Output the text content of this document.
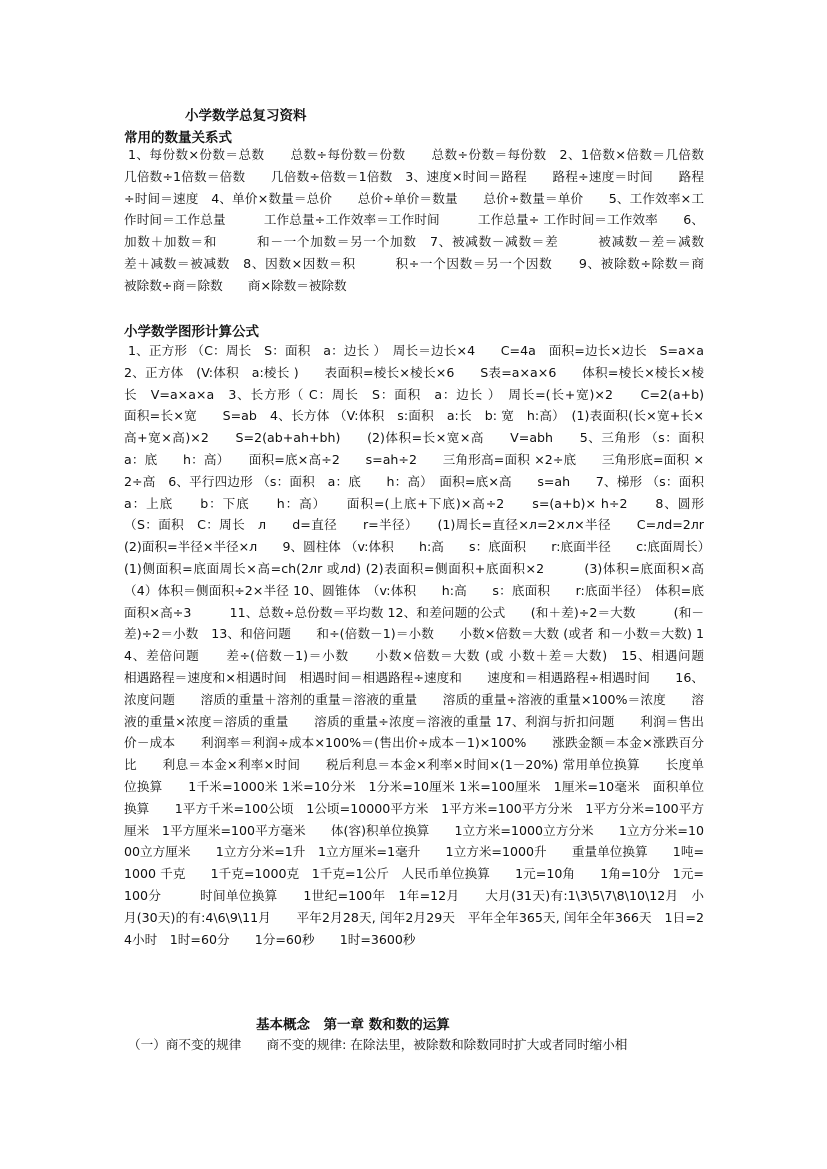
小学数学总复习资料
常用的数量关系式
1、每份数×份数＝总数　　总数÷每份数＝份数　　总数÷份数＝每份数　2、1倍数×倍数＝几倍数　　几倍数÷1倍数＝倍数　　几倍数÷倍数＝1倍数　3、速度×时间＝路程　　路程÷速度＝时间　　路程÷时间＝速度　4、单价×数量＝总价　　总价÷单价＝数量　　总价÷数量＝单价　　5、工作效率×工作时间＝工作总量　　　工作总量÷工作效率＝工作时间　　　工作总量÷ 工作时间＝工作效率　　6、加数＋加数＝和　　　和－一个加数＝另一个加数　7、被减数－减数＝差　　　被减数－差＝减数　　差＋减数＝被减数　8、因数×因数＝积　　　积÷一个因数＝另一个因数　　9、被除数÷除数＝商　　被除数÷商＝除数　　商×除数＝被除数
小学数学图形计算公式
1、正方形 （C：周长　S：面积　a：边长 ）　周长＝边长×4　　C=4a　面积=边长×边长　S=a×a　2、正方体　(V:体积　a:棱长 )　　表面积=棱长×棱长×6　　S表=a×a×6　　体积=棱长×棱长×棱长　V=a×a×a　3、长方形（ C：周长　S：面积　a：边长 ）　周长=(长+宽)×2　　C=2(a+b)　　面积=长×宽　　S=ab　4、长方体 （V:体积　s:面积　a:长　b: 宽　h:高）　(1)表面积(长×宽+长×高+宽×高)×2　　S=2(ab+ah+bh)　　(2)体积=长×宽×高　　V=abh　　5、三角形 （s：面积　　a：底　　h：高）　　面积=底×高÷2　　s=ah÷2　　三角形高=面积 ×2÷底　　三角形底=面积 ×2÷高　6、平行四边形 （s：面积　a：底　　h：高）　面积=底×高　　s=ah　　7、梯形 （s：面积　　a：上底　　b：下底　　h：高）　　面积=(上底+下底)×高÷2　　s=(a+b)× h÷2　　8、圆形 （S：面积　C：周长　л　　d=直径　　r=半径）　　(1)周长=直径×л=2×л×半径　　C=лd=2лr　　(2)面积=半径×半径×л　　9、圆柱体 （v:体积　　h:高　　s：底面积　　r:底面半径　　c:底面周长）　　(1)侧面积=底面周长×高=ch(2лr 或лd) (2)表面积=侧面积+底面积×2　　　(3)体积=底面积×高　　（4）体积＝侧面积÷2×半径 10、圆锥体　（v:体积　　h:高　　s：底面积　　r:底面半径）　体积=底面积×高÷3　　　11、总数÷总份数＝平均数 12、和差问题的公式　　(和＋差)÷2＝大数　　　(和－差)÷2＝小数　13、和倍问题　　和÷(倍数－1)＝小数　　小数×倍数＝大数 (或者 和－小数＝大数) 14、差倍问题　　差÷(倍数－1)＝小数　　小数×倍数＝大数 (或 小数＋差＝大数)　15、相遇问题　　相遇路程＝速度和×相遇时间　相遇时间＝相遇路程÷速度和　　速度和＝相遇路程÷相遇时间　　16、浓度问题　　溶质的重量＋溶剂的重量＝溶液的重量　　溶质的重量÷溶液的重量×100%＝浓度　　溶液的重量×浓度＝溶质的重量　　溶质的重量÷浓度＝溶液的重量 17、利润与折扣问题　　利润＝售出价－成本　　利润率＝利润÷成本×100%＝(售出价÷成本－1)×100%　　涨跌金额＝本金×涨跌百分比　　利息＝本金×利率×时间　　税后利息＝本金×利率×时间×(1－20%) 常用单位换算　　长度单位换算　　1千米=1000米 1米=10分米　1分米=10厘米 1米=100厘米　1厘米=10毫米　面积单位换算　　1平方千米=100公顷　1公顷=10000平方米　1平方米=100平方分米　1平方分米=100平方厘米　1平方厘米=100平方毫米　　体(容)积单位换算　　1立方米=1000立方分米　　1立方分米=1000立方厘米　　1立方分米=1升　1立方厘米=1毫升　　1立方米=1000升　　重量单位换算　　1吨=1000 千克　　1千克=1000克　1千克=1公斤　人民币单位换算　　1元=10角　　1角=10分　1元=100分　　　时间单位换算　　1世纪=100年　1年=12月　　大月(31天)有:1\3\5\7\8\10\12月　小月(30天)的有:4\6\9\11月　　平年2月28天, 闰年2月29天　平年全年365天, 闰年全年366天　1日=24小时　1时=60分　　1分=60秒　　1时=3600秒
基本概念　第一章 数和数的运算
（一）商不变的规律　　商不变的规律: 在除法里，被除数和除数同时扩大或者同时缩小相
